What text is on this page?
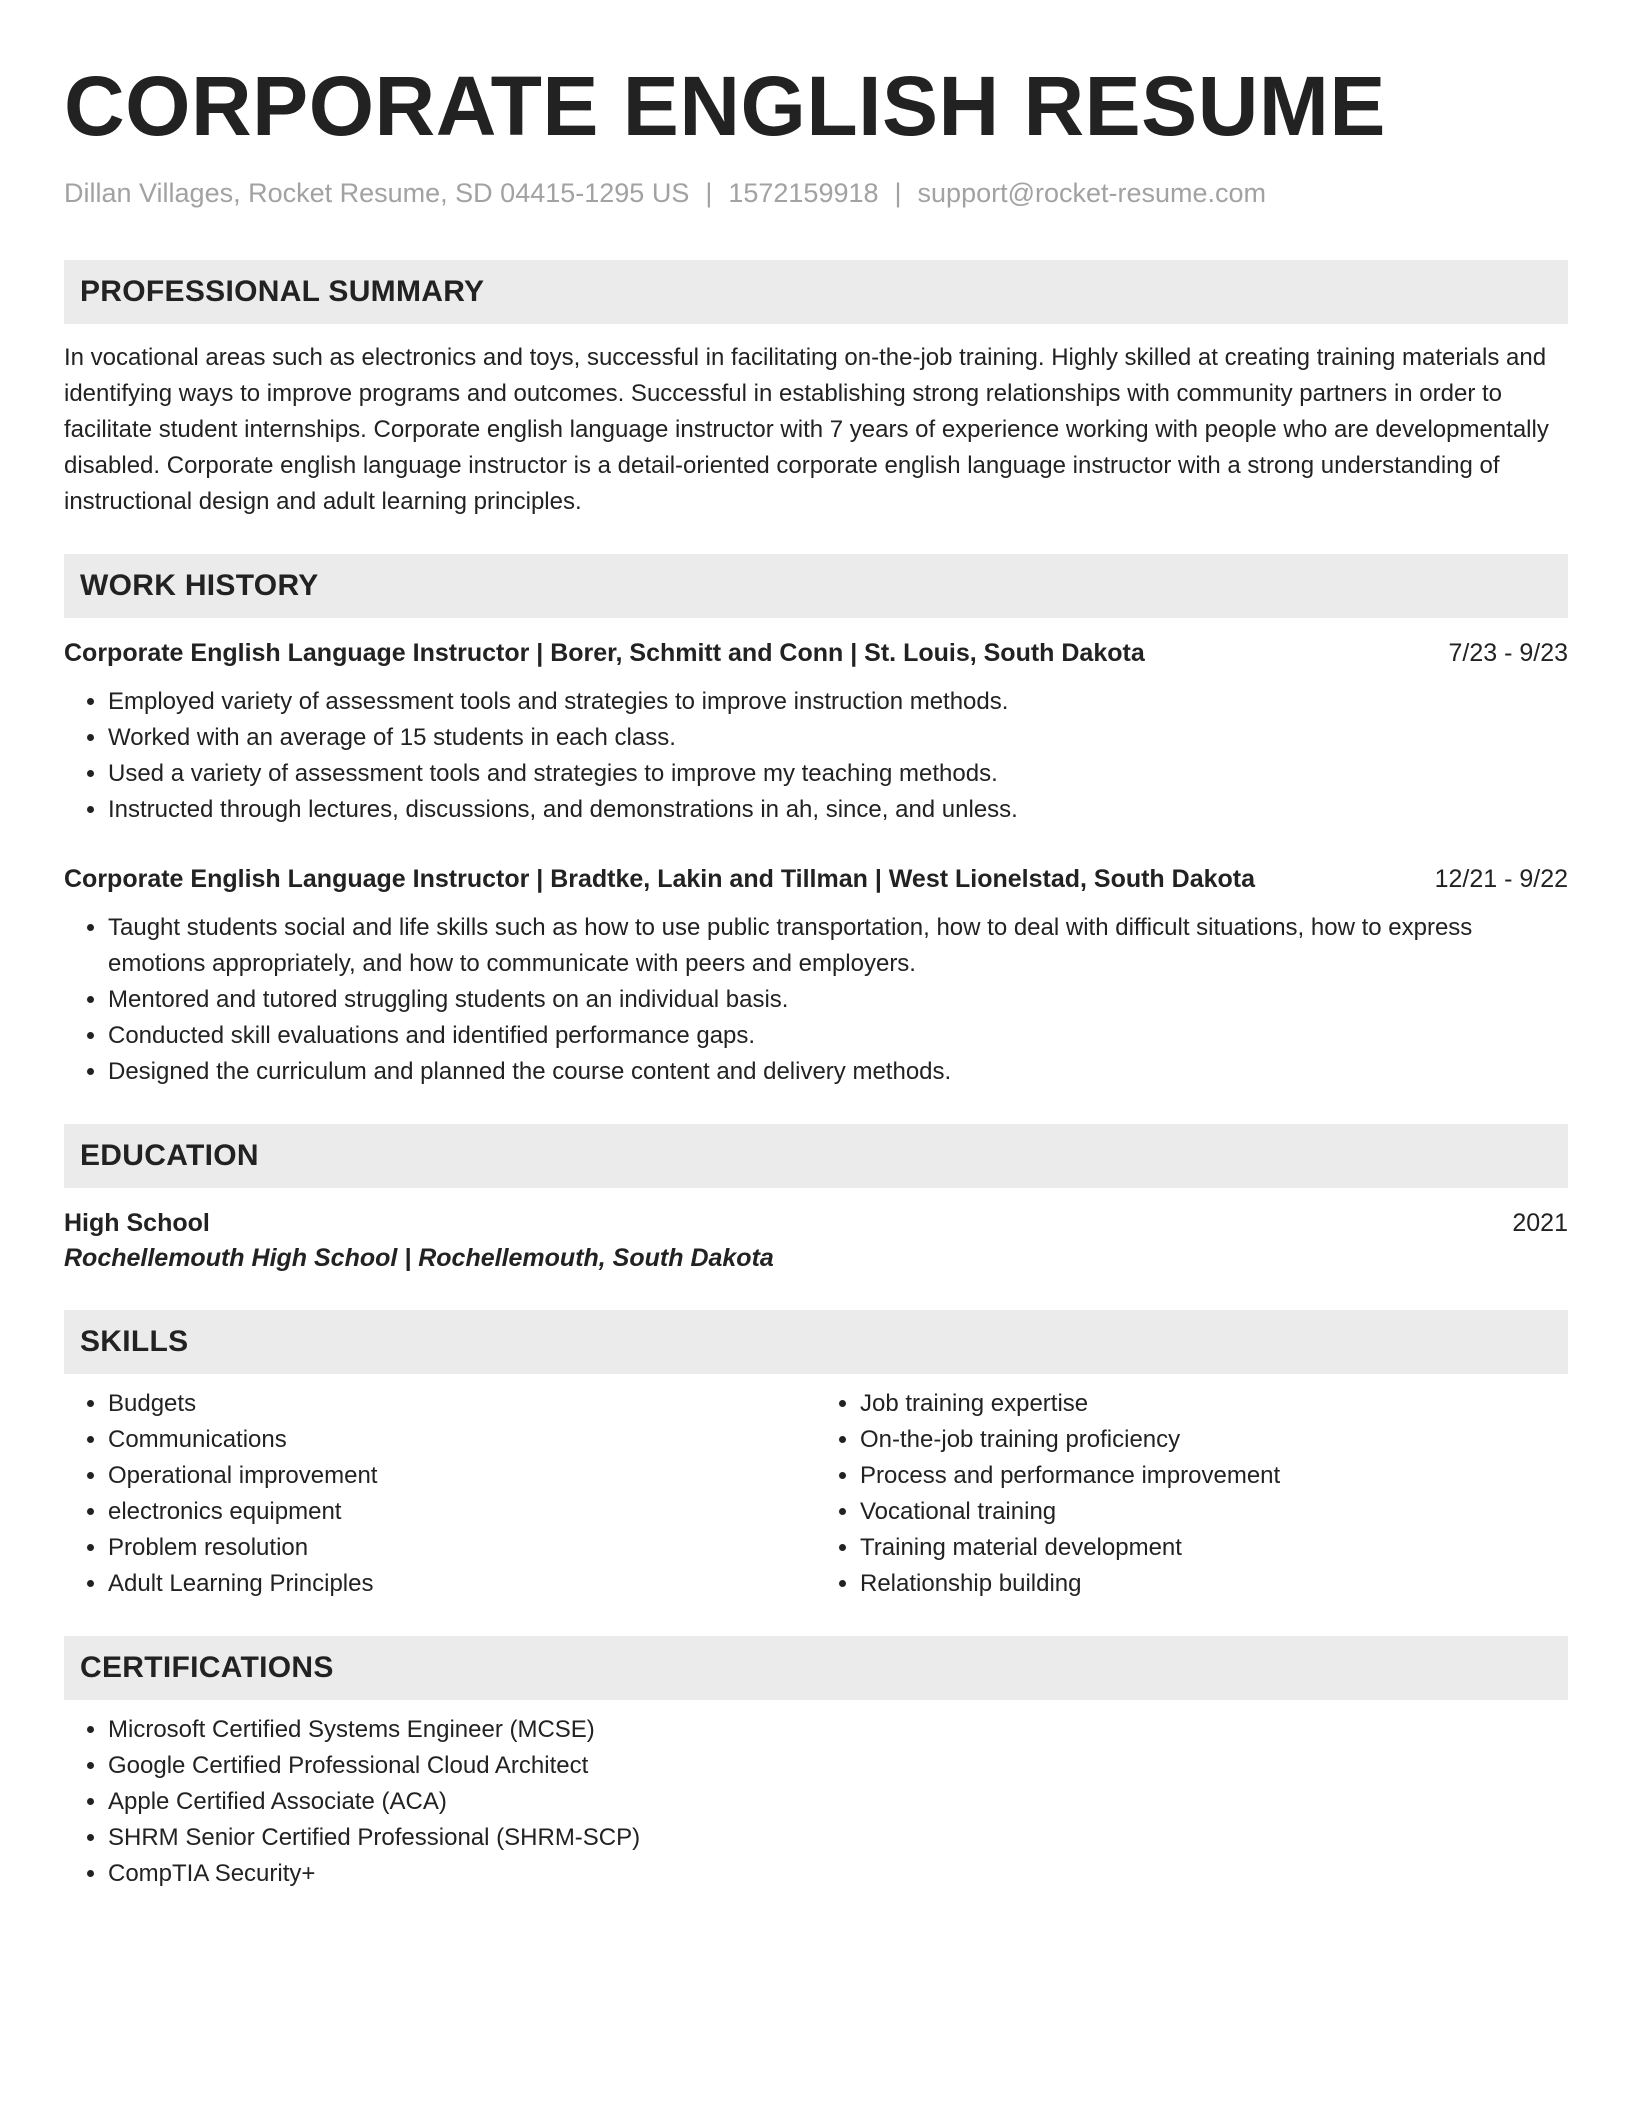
CORPORATE ENGLISH RESUME
Dillan Villages, Rocket Resume, SD 04415-1295 US | 1572159918 | support@rocket-resume.com
PROFESSIONAL SUMMARY
In vocational areas such as electronics and toys, successful in facilitating on-the-job training. Highly skilled at creating training materials and identifying ways to improve programs and outcomes. Successful in establishing strong relationships with community partners in order to facilitate student internships. Corporate english language instructor with 7 years of experience working with people who are developmentally disabled. Corporate english language instructor is a detail-oriented corporate english language instructor with a strong understanding of instructional design and adult learning principles.
WORK HISTORY
Corporate English Language Instructor | Borer, Schmitt and Conn | St. Louis, South Dakota	7/23 - 9/23
• Employed variety of assessment tools and strategies to improve instruction methods.
• Worked with an average of 15 students in each class.
• Used a variety of assessment tools and strategies to improve my teaching methods.
• Instructed through lectures, discussions, and demonstrations in ah, since, and unless.
Corporate English Language Instructor | Bradtke, Lakin and Tillman | West Lionelstad, South Dakota	12/21 - 9/22
• Taught students social and life skills such as how to use public transportation, how to deal with difficult situations, how to express emotions appropriately, and how to communicate with peers and employers.
• Mentored and tutored struggling students on an individual basis.
• Conducted skill evaluations and identified performance gaps.
• Designed the curriculum and planned the course content and delivery methods.
EDUCATION
High School	2021
Rochellemouth High School | Rochellemouth, South Dakota
SKILLS
• Budgets
• Communications
• Operational improvement
• electronics equipment
• Problem resolution
• Adult Learning Principles
• Job training expertise
• On-the-job training proficiency
• Process and performance improvement
• Vocational training
• Training material development
• Relationship building
CERTIFICATIONS
• Microsoft Certified Systems Engineer (MCSE)
• Google Certified Professional Cloud Architect
• Apple Certified Associate (ACA)
• SHRM Senior Certified Professional (SHRM-SCP)
• CompTIA Security+
